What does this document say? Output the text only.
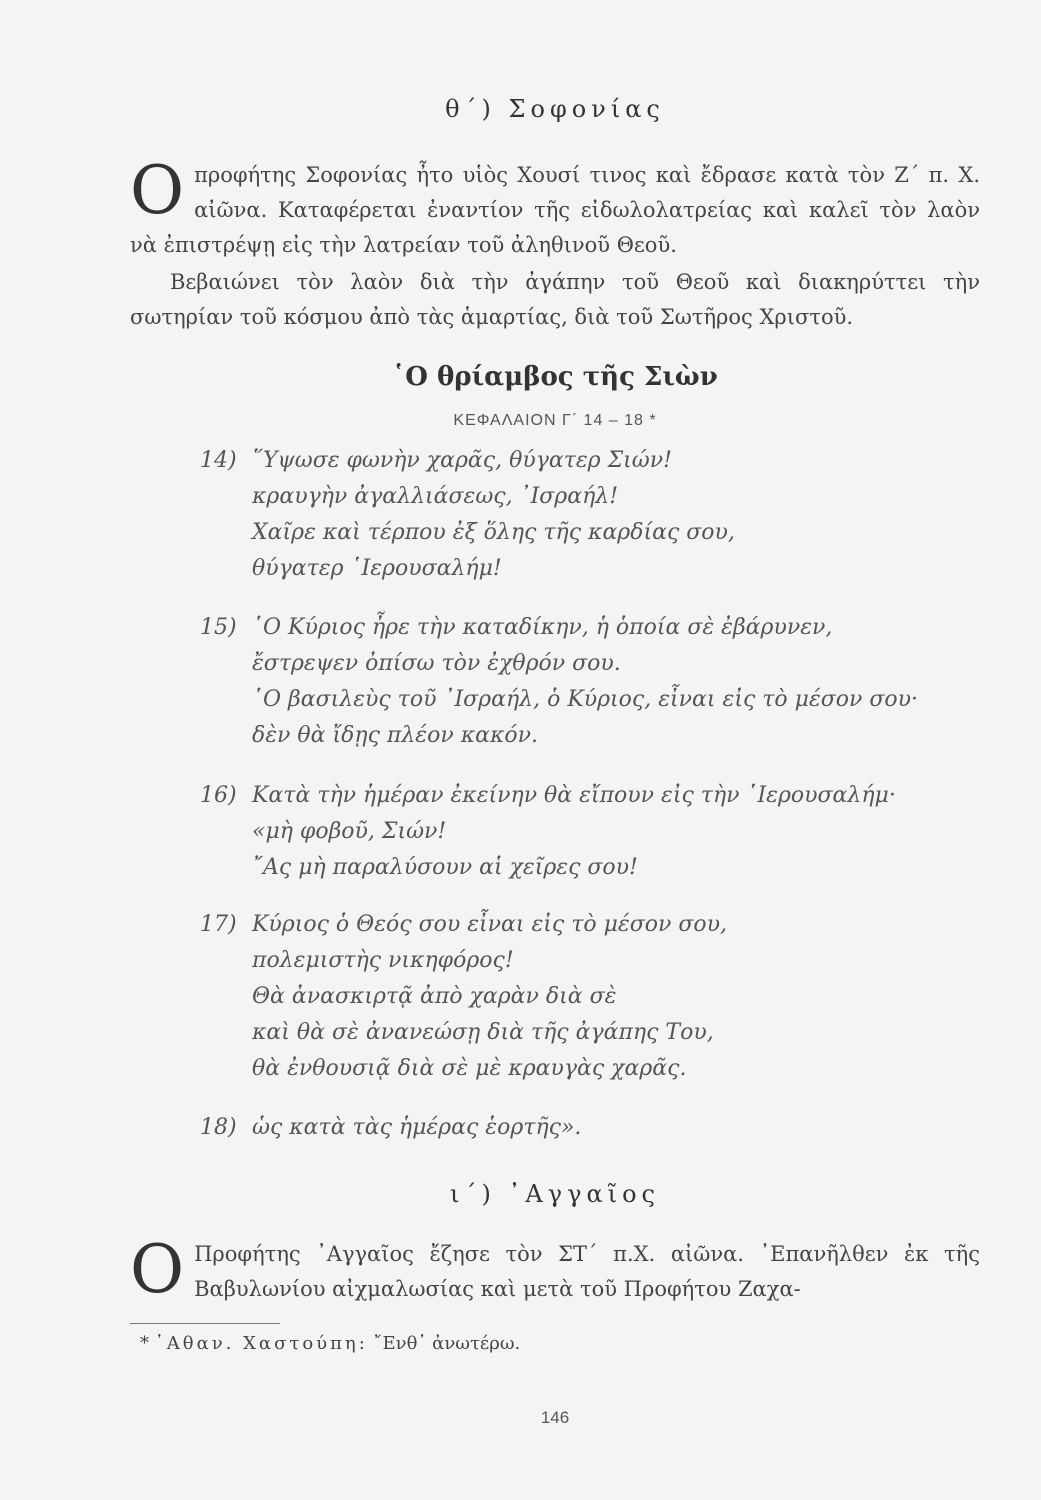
θ΄) Σοφονίας
Οπροφήτης Σοφονίας ἦτο υἱὸς Χουσί τινος καὶ ἔδρασε κατὰ τὸν Ζ΄ π. Χ. αἰῶνα. Καταφέρεται ἐναντίον τῆς εἰδωλολατρείας καὶ καλεῖ τὸν λαὸν νὰ ἐπιστρέψῃ εἰς τὴν λατρείαν τοῦ ἀληθινοῦ Θεοῦ.
Βεβαιώνει τὸν λαὸν διὰ τὴν ἀγάπην τοῦ Θεοῦ καὶ διακηρύττει τὴν σωτηρίαν τοῦ κόσμου ἀπὸ τὰς ἁμαρτίας, διὰ τοῦ Σωτῆρος Χριστοῦ.
῾Ο θρίαμβος τῆς Σιὼν
ΚΕΦΑΛΑΙΟΝ Γ΄ 14 – 18 *
14) ῞Υψωσε φωνὴν χαρᾶς, θύγατερ Σιών!
κραυγὴν ἀγαλλιάσεως, ᾿Ισραήλ!
Χαῖρε καὶ τέρπου ἐξ ὅλης τῆς καρδίας σου,
θύγατερ ῾Ιερουσαλήμ!
15) ῾Ο Κύριος ἦρε τὴν καταδίκην, ἡ ὁποία σὲ ἐβάρυνεν,
ἔστρεψεν ὀπίσω τὸν ἐχθρόν σου.
῾Ο βασιλεὺς τοῦ ᾿Ισραήλ, ὁ Κύριος, εἶναι εἰς τὸ μέσον σου·
δὲν θὰ ἴδῃς πλέον κακόν.
16) Κατὰ τὴν ἡμέραν ἐκείνην θὰ εἴπουν εἰς τὴν ῾Ιερουσαλήμ·
«μὴ φοβοῦ, Σιών!
῎Ας μὴ παραλύσουν αἱ χεῖρες σου!
17) Κύριος ὁ Θεός σου εἶναι εἰς τὸ μέσον σου,
πολεμιστὴς νικηφόρος!
Θὰ ἀνασκιρτᾷ ἀπὸ χαρὰν διὰ σὲ
καὶ θὰ σὲ ἀνανεώσῃ διὰ τῆς ἀγάπης Του,
θὰ ἐνθουσιᾷ διὰ σὲ μὲ κραυγὰς χαρᾶς.
18) ὡς κατὰ τὰς ἡμέρας ἑορτῆς».
ι΄) ᾿Αγγαῖος
Ο Προφήτης ᾿Αγγαῖος ἔζησε τὸν ΣΤ΄ π.Χ. αἰῶνα. ᾿Επανῆλθεν ἐκ τῆς Βαβυλωνίου αἰχμαλωσίας καὶ μετὰ τοῦ Προφήτου Ζαχα-
* ᾿Αθαν. Χαστούπη: ῎Ενθ᾿ ἀνωτέρω.
146
